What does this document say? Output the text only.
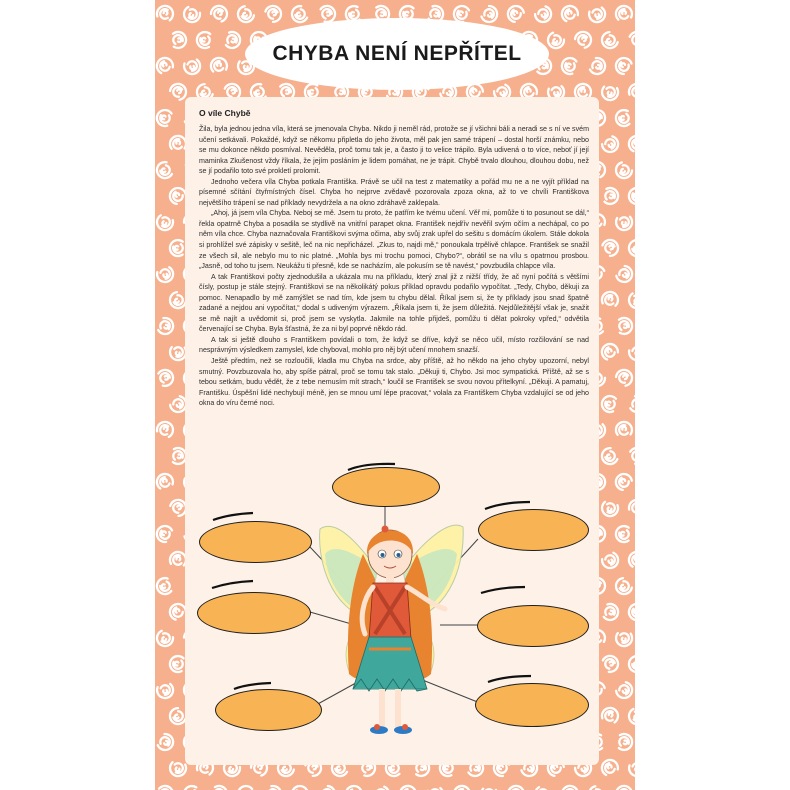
CHYBA NENÍ NEPŘÍTEL
O víle Chybě

Žila, byla jednou jedna víla, která se jmenovala Chyba. Nikdo ji neměl rád, protože se jí všichni báli a neradi se s ní ve svém učení setkávali. Pokaždé, když se někomu připletla do jeho života, měl pak jen samé trápení – dostal horší známku, nebo se mu dokonce někdo posmíval. Nevěděla, proč tomu tak je, a často ji to velice trápilo. Byla udivená o to více, neboť jí její maminka Zkušenost vždy říkala, že jejím posláním je lidem pomáhat, ne je trápit. Chybě trvalo dlouhou, dlouhou dobu, než se jí podařilo toto své prokletí prolomit.

Jednoho večera víla Chyba potkala Františka. Právě se učil na test z matematiky a pořád mu ne a ne vyjít příklad na písemné sčítání čtyřmístných čísel. Chyba ho nejprve zvědavě pozorovala zpoza okna, až to ve chvíli Františkova největšího trápení se nad příklady nevydržela a na okno zdráhavě zaklepala.

„Ahoj, já jsem víla Chyba. Neboj se mě. Jsem tu proto, že patřím ke tvému učení. Věř mi, pomůže ti to posunout se dál,“ řekla opatrně Chyba a posadila se stydlivě na vnitřní parapet okna. František nejdřív nevěřil svým očím a nechápal, co po něm víla chce. Chyba naznačovala Františkovi svýma očima, aby svůj zrak upřel do sešitu s domácím úkolem. Stále dokola si prohlížel své zápisky v sešitě, leč na nic nepřicházel. „Zkus to, najdi mě,“ ponoukala trpělivě chlapce. František se snažil ze všech sil, ale nebylo mu to nic platné. „Mohla bys mi trochu pomoci, Chybo?“, obrátil se na vílu s opatrnou prosbou. „Jasně, od toho tu jsem. Neukážu ti přesně, kde se nacházím, ale pokusím se tě navést,“ povzbudila chlapce víla.

A tak Františkovi počty zjednodušila a ukázala mu na příkladu, který znal již z nižší třídy, že ač nyní počítá s většími čísly, postup je stále stejný. Františkovi se na několikátý pokus příklad opravdu podařilo vypočítat. „Tedy, Chybo, děkuji za pomoc. Nenapadlo by mě zamýšlet se nad tím, kde jsem tu chybu dělal. Říkal jsem si, že ty příklady jsou snad špatně zadané a nejdou ani vypočítat,“ dodal s udiveným výrazem. „Říkala jsem ti, že jsem důležitá. Nejdůležitější však je, snažit se mě najít a uvědomit si, proč jsem se vyskytla. Jakmile na tohle přijdeš, pomůžu ti dělat pokroky vpřed,“ odvětila červenající se Chyba. Byla šťastná, že za ni byl poprvé někdo rád.

A tak si ještě dlouho s Františkem povídali o tom, že když se dříve, když se něco učil, místo rozčilování se nad nesprávným výsledkem zamyslel, kde chyboval, mohlo pro něj být učení mnohem snazší.

Ještě předtím, než se rozloučili, kladla mu Chyba na srdce, aby příště, až ho někdo na jeho chyby upozorní, nebyl smutný. Povzbuzovala ho, aby spíše pátral, proč se tomu tak stalo. „Děkuji ti, Chybo. Jsi moc sympatická. Příště, až se s tebou setkám, budu vědět, že z tebe nemusím mít strach,“ loučil se František se svou novou přítelkyní. „Děkuji. A pamatuj, Františku. Úspěšní lidé nechybují méně, jen se mnou umí lépe pracovat,“ volala za Františkem Chyba vzdalující se od jeho okna do víru černé noci.
